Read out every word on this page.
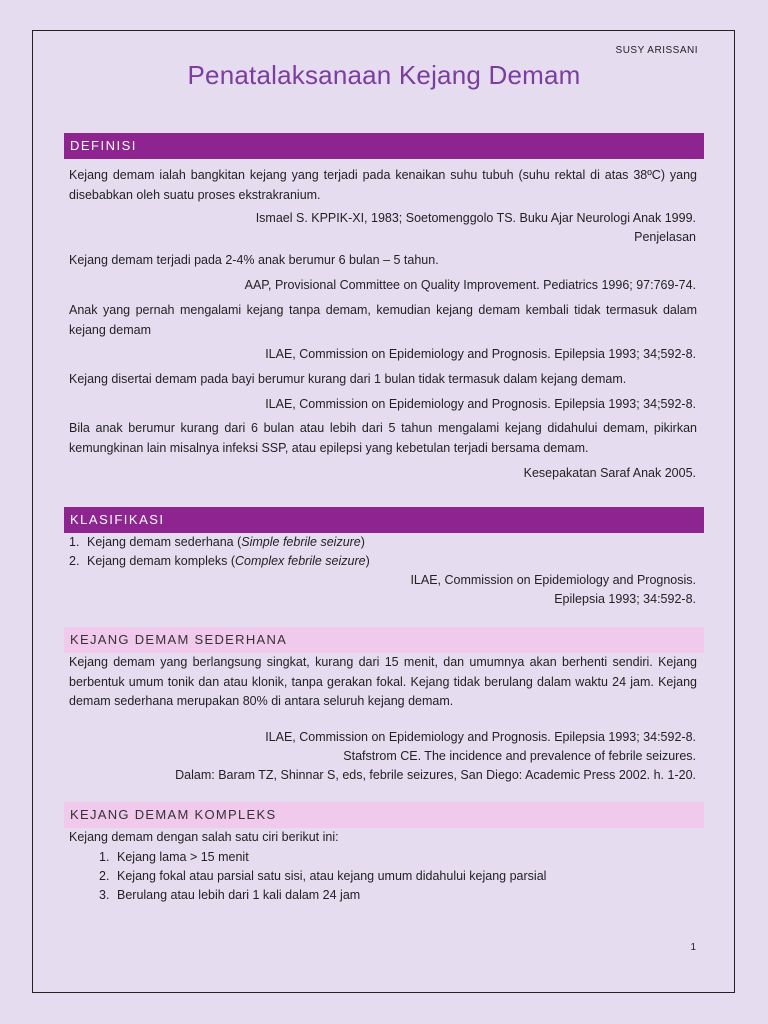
SUSY ARISSANI
Penatalaksanaan Kejang Demam
DEFINISI
Kejang demam ialah bangkitan kejang yang terjadi pada kenaikan suhu tubuh (suhu rektal di atas 38ºC) yang disebabkan oleh suatu proses ekstrakranium.
Ismael S. KPPIK-XI, 1983; Soetomenggolo TS. Buku Ajar Neurologi Anak 1999.
Penjelasan
Kejang demam terjadi pada 2-4% anak berumur 6 bulan – 5 tahun.
AAP, Provisional Committee on Quality Improvement. Pediatrics 1996; 97:769-74.
Anak yang pernah mengalami kejang tanpa demam, kemudian kejang demam kembali tidak termasuk dalam kejang demam
ILAE, Commission on Epidemiology and Prognosis. Epilepsia 1993; 34;592-8.
Kejang disertai demam pada bayi berumur kurang dari 1 bulan tidak termasuk dalam kejang demam.
ILAE, Commission on Epidemiology and Prognosis. Epilepsia 1993; 34;592-8.
Bila anak berumur kurang dari 6 bulan atau lebih dari 5 tahun mengalami kejang didahului demam, pikirkan kemungkinan lain misalnya infeksi SSP, atau epilepsi yang kebetulan terjadi bersama demam.
Kesepakatan Saraf Anak 2005.
KLASIFIKASI
1. Kejang demam sederhana (Simple febrile seizure)
2. Kejang demam kompleks (Complex febrile seizure)
ILAE, Commission on Epidemiology and Prognosis.
Epilepsia 1993; 34:592-8.
KEJANG DEMAM SEDERHANA
Kejang demam yang berlangsung singkat, kurang dari 15 menit, dan umumnya akan berhenti sendiri. Kejang berbentuk umum tonik dan atau klonik, tanpa gerakan fokal. Kejang tidak berulang dalam waktu 24 jam. Kejang demam sederhana merupakan 80% di antara seluruh kejang demam.
ILAE, Commission on Epidemiology and Prognosis. Epilepsia 1993; 34:592-8.
Stafstrom CE. The incidence and prevalence of febrile seizures.
Dalam: Baram TZ, Shinnar S, eds, febrile seizures, San Diego: Academic Press 2002. h. 1-20.
KEJANG DEMAM KOMPLEKS
Kejang demam dengan salah satu ciri berikut ini:
1. Kejang lama > 15 menit
2. Kejang fokal atau parsial satu sisi, atau kejang umum didahului kejang parsial
3. Berulang atau lebih dari 1 kali dalam 24 jam
1
